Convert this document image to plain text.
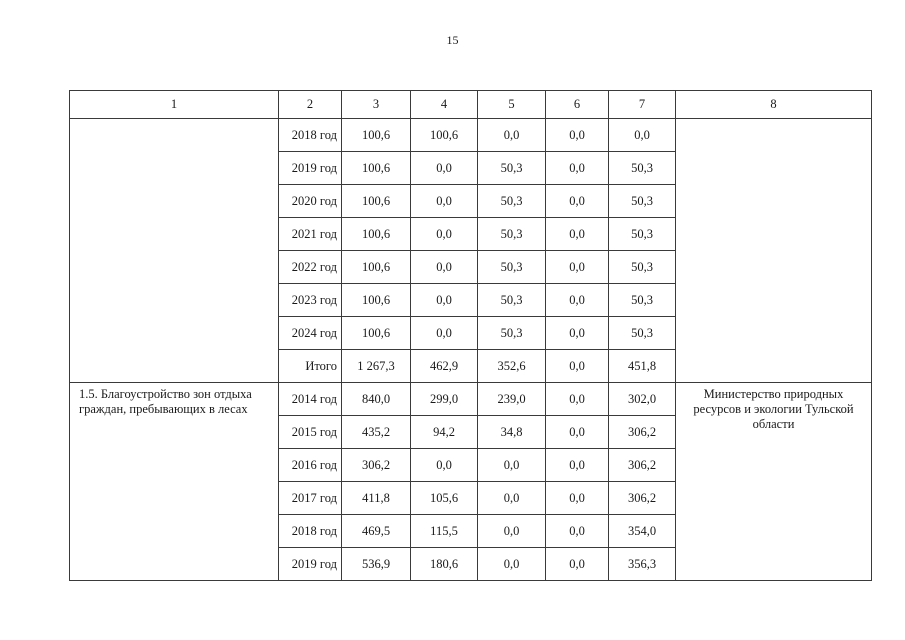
15
1	2	3	4	5	6	7	8
	2018 год	100,6	100,6	0,0	0,0	0,0	
	2019 год	100,6	0,0	50,3	0,0	50,3	
	2020 год	100,6	0,0	50,3	0,0	50,3	
	2021 год	100,6	0,0	50,3	0,0	50,3	
	2022 год	100,6	0,0	50,3	0,0	50,3	
	2023 год	100,6	0,0	50,3	0,0	50,3	
	2024 год	100,6	0,0	50,3	0,0	50,3	
	Итого	1 267,3	462,9	352,6	0,0	451,8	
1.5. Благоустройство зон отдыха граждан, пребывающих в лесах	2014 год	840,0	299,0	239,0	0,0	302,0	Министерство природных ресурсов и экологии Тульской области
	2015 год	435,2	94,2	34,8	0,0	306,2	
	2016 год	306,2	0,0	0,0	0,0	306,2	
	2017 год	411,8	105,6	0,0	0,0	306,2	
	2018 год	469,5	115,5	0,0	0,0	354,0	
	2019 год	536,9	180,6	0,0	0,0	356,3	
